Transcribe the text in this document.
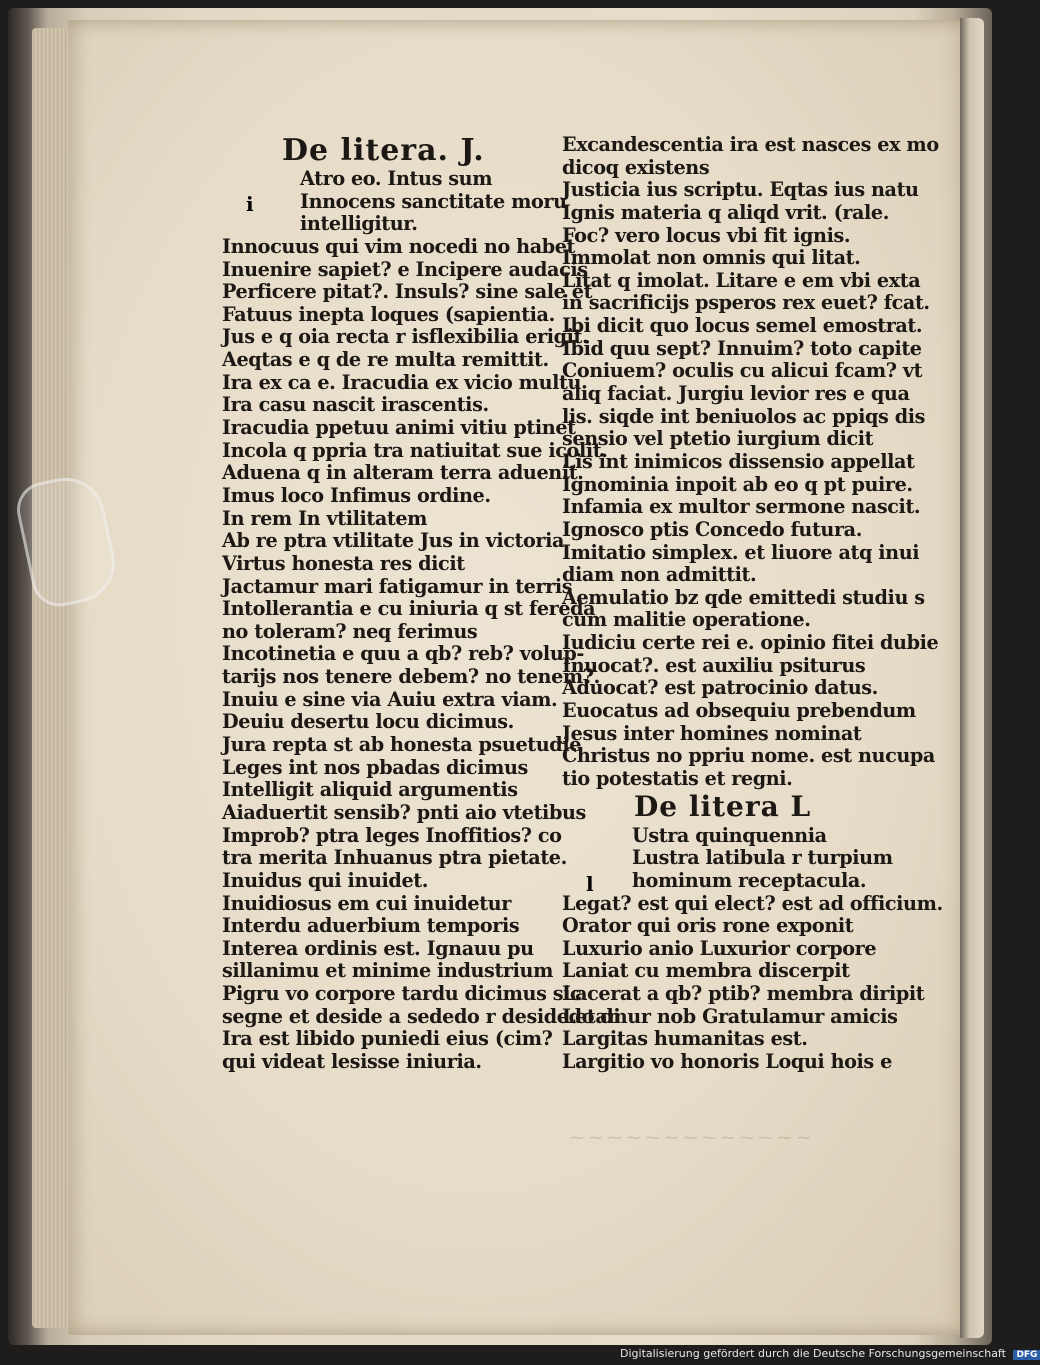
⁓ ⁓ ⁓ ⁓ ⁓ ⁓ ⁓ ⁓ ⁓ ⁓ ⁓ ⁓ ⁓
De litera. J.
Atro eo. Intus sum
Innocens sanctitate moru
intelligitur.
Innocuus qui vim nocedi no habet
Inuenire sapiet? e Incipere audacis
Perficere pitat?. Insuls? sine sale et
Fatuus inepta loques (sapientia.
Jus e q oia recta r isflexibilia erigit.
Aeqtas e q de re multa remittit.
Ira ex ca e. Iracudia ex vicio multu
Ira casu nascit irascentis.
Iracudia ppetuu animi vitiu ptinet
Incola q ppria tra natiuitat sue icolit.
Aduena q in alteram terra aduenit.
Imus loco Infimus ordine.
In rem In vtilitatem
Ab re ptra vtilitate Jus in victoria
Virtus honesta res dicit
Jactamur mari fatigamur in terris
Intollerantia e cu iniuria q st fereda
no toleram? neq ferimus
Incotinetia e quu a qb? reb? volup-
tarijs nos tenere debem? no tenem?.
Inuiu e sine via Auiu extra viam.
Deuiu desertu locu dicimus.
Jura repta st ab honesta psuetudie
Leges int nos pbadas dicimus
Intelligit aliquid argumentis
Aiaduertit sensib? pnti aio vtetibus
Improb? ptra leges Inoffitios? co
tra merita Inhuanus ptra pietate.
Inuidus qui inuidet.
Inuidiosus em cui inuidetur
Interdu aduerbium temporis
Interea ordinis est. Ignauu pu
sillanimu et minime industrium
Pigru vo corpore tardu dicimus sic
segne et deside a sededo r desidedo di
Ira est libido puniedi eius (cim?
qui videat lesisse iniuria.
i
Excandescentia ira est nasces ex mo
dicoq existens
Justicia ius scriptu. Eqtas ius natu
Ignis materia q aliqd vrit. (rale.
Foc? vero locus vbi fit ignis.
Immolat non omnis qui litat.
Litat q imolat. Litare e em vbi exta
in sacrificijs psperos rex euet? fcat.
Ibi dicit quo locus semel emostrat.
Ibid quu sept? Innuim? toto capite
Coniuem? oculis cu alicui fcam? vt
aliq faciat. Jurgiu levior res e qua
lis. siqde int beniuolos ac ppiqs dis
sensio vel ptetio iurgium dicit
Lis int inimicos dissensio appellat
Ignominia inpoit ab eo q pt puire.
Infamia ex multor sermone nascit.
Ignosco ptis Concedo futura.
Imitatio simplex. et liuore atq inui
diam non admittit.
Aemulatio bz qde emittedi studiu s
cum malitie operatione.
Iudiciu certe rei e. opinio fitei dubie
Inuocat?. est auxiliu psiturus
Aduocat? est patrocinio datus.
Euocatus ad obsequiu prebendum
Jesus inter homines nominat
Christus no ppriu nome. est nucupa
tio potestatis et regni.
De litera L
Ustra quinquennia
Lustra latibula r turpium
hominum receptacula.
Legat? est qui elect? est ad officium.
Orator qui oris rone exponit
Luxurio anio Luxurior corpore
Laniat cu membra discerpit
Lacerat a qb? ptib? membra diripit
Letamur nob Gratulamur amicis
Largitas humanitas est.
Largitio vo honoris Loqui hois e
l
Digitalisierung gefördert durch die Deutsche Forschungsgemeinschaft DFG
